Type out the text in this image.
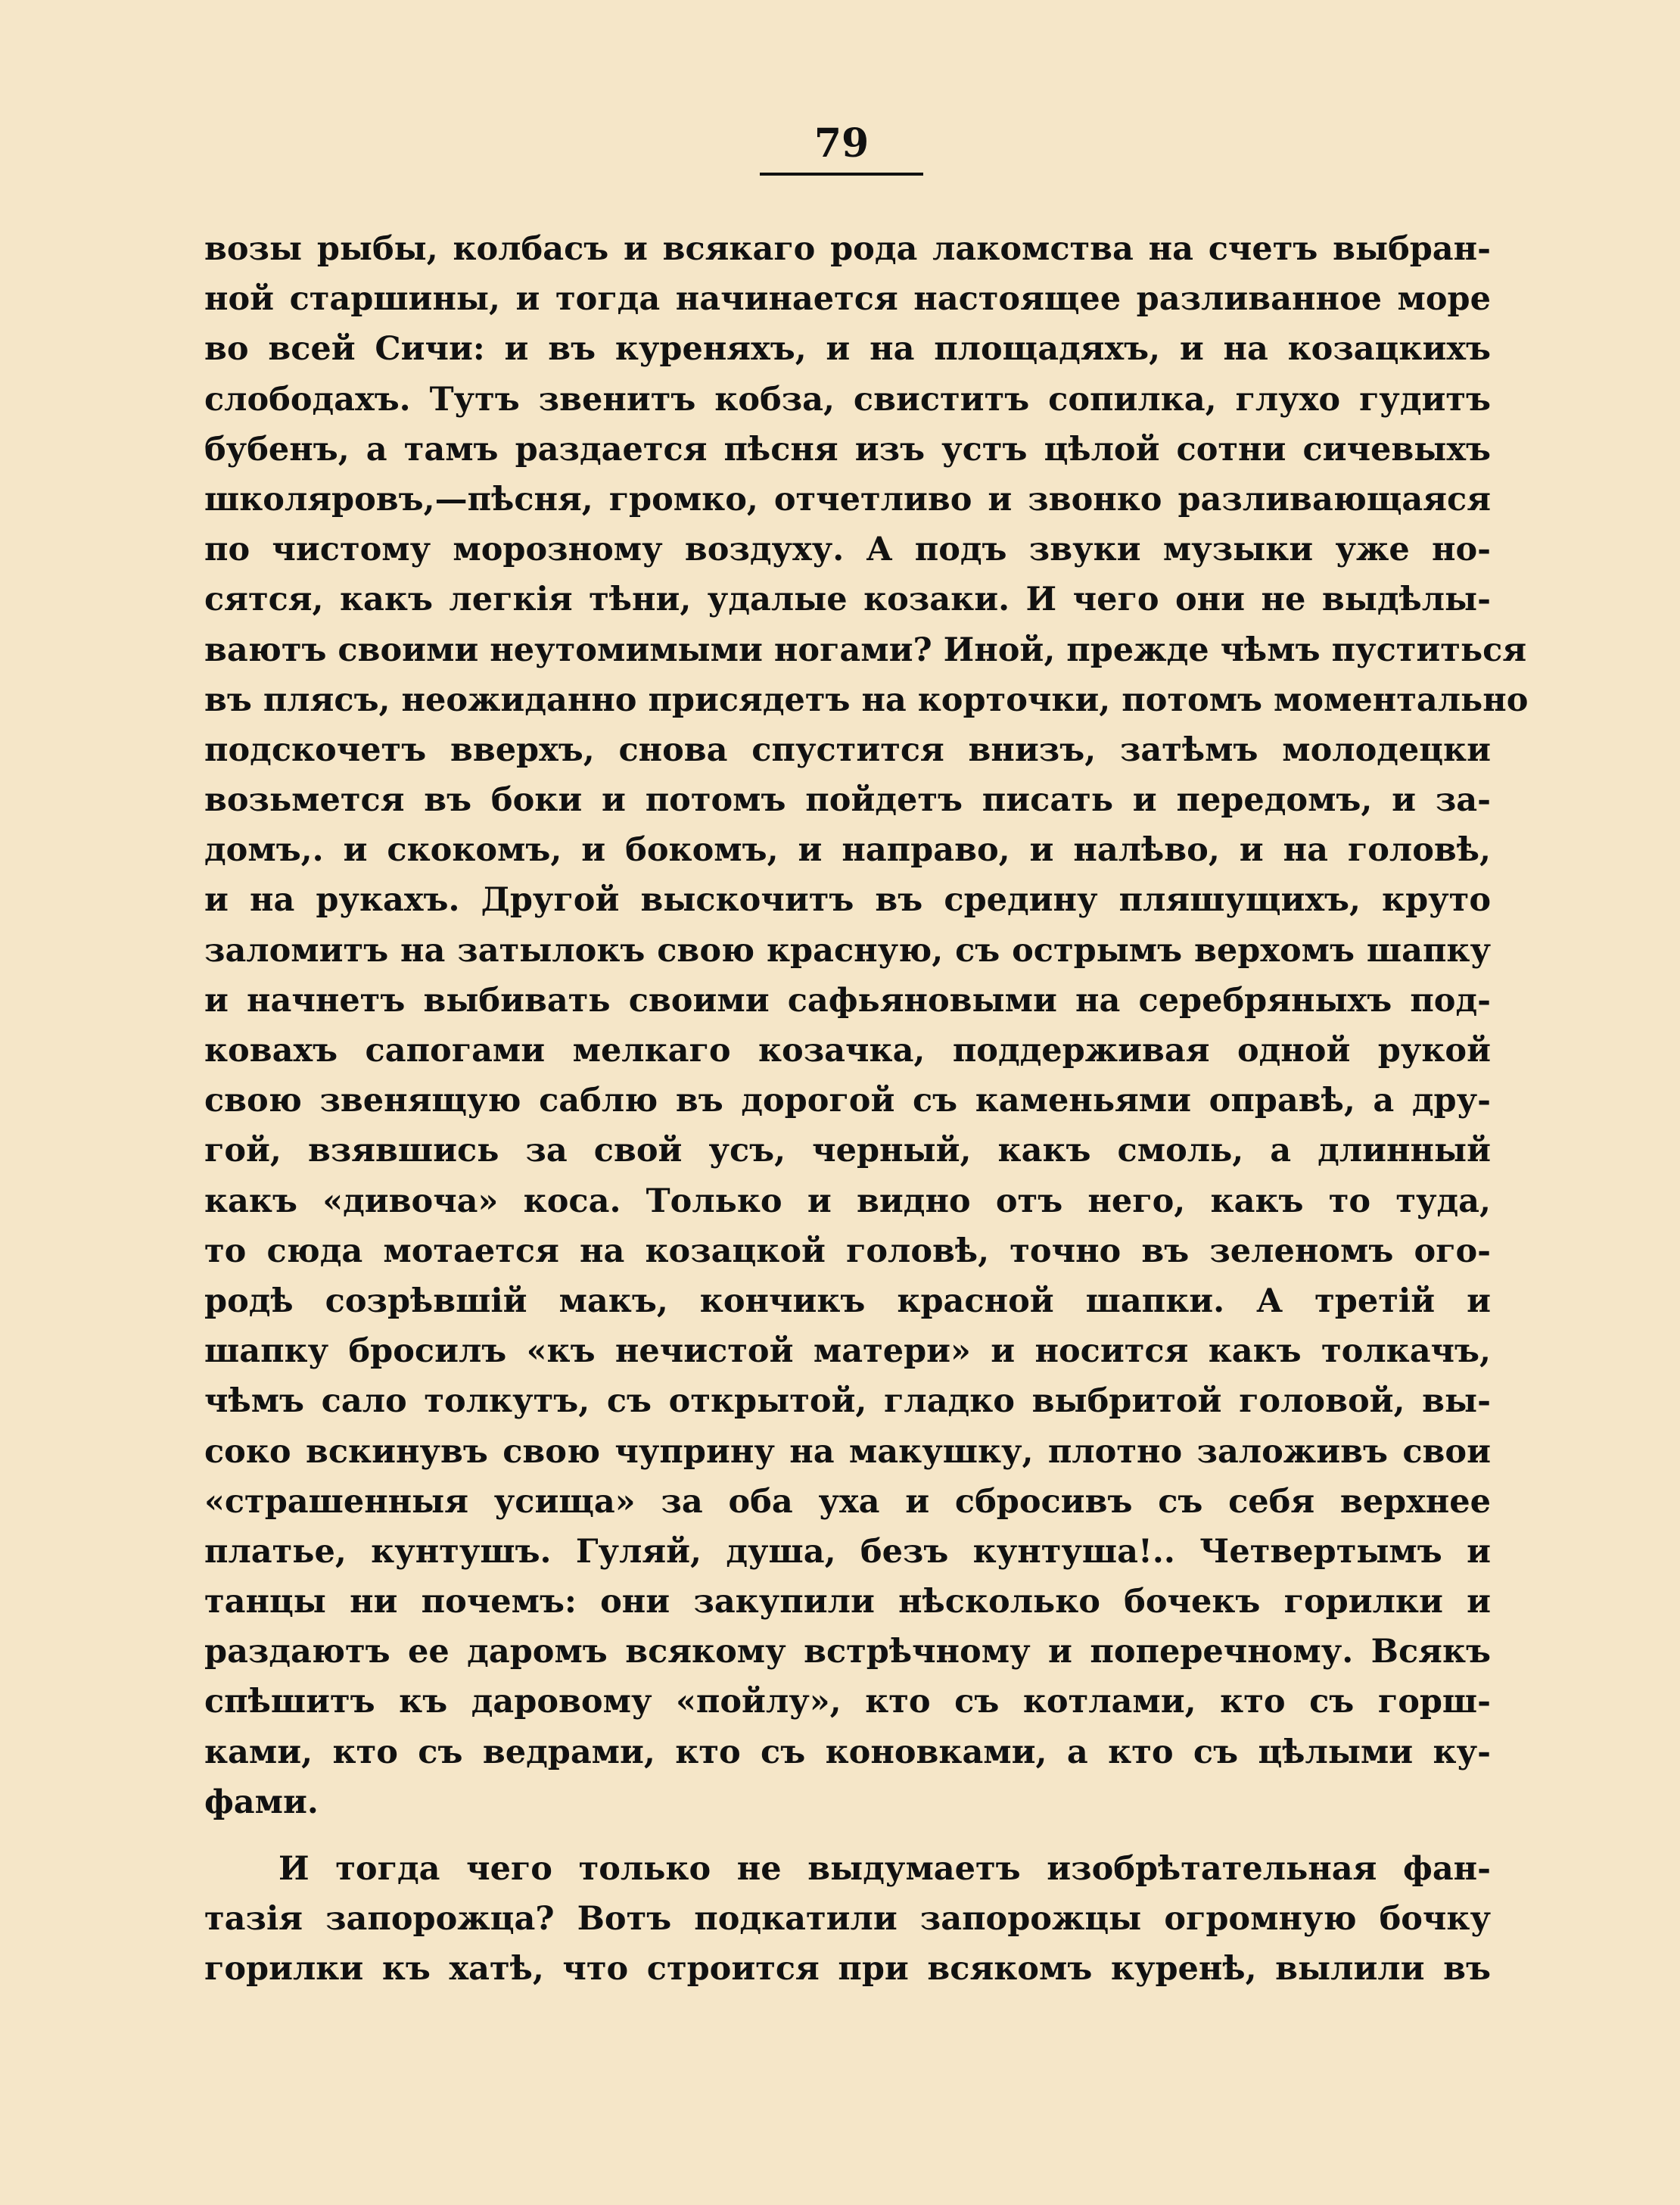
79
возы рыбы, колбасъ и всякаго рода лакомства на счетъ выбран-
ной старшины, и тогда начинается настоящее разливанное море
во всей Сичи: и въ куреняхъ, и на площадяхъ, и на козацкихъ
слободахъ. Тутъ звенитъ кобза, свиститъ сопилка, глухо гудитъ
бубенъ, а тамъ раздается пѣсня изъ устъ цѣлой сотни сичевыхъ
школяровъ,—пѣсня, громко, отчетливо и звонко разливающаяся
по чистому морозному воздуху. А подъ звуки музыки уже но-
сятся, какъ легкія тѣни, удалые козаки. И чего они не выдѣлы-
ваютъ своими неутомимыми ногами? Иной, прежде чѣмъ пуститься
въ плясъ, неожиданно присядетъ на корточки, потомъ моментально
подскочетъ вверхъ, снова спустится внизъ, затѣмъ молодецки
возьмется въ боки и потомъ пойдетъ писать и передомъ, и за-
домъ,. и скокомъ, и бокомъ, и направо, и налѣво, и на головѣ,
и на рукахъ. Другой выскочитъ въ средину пляшущихъ, круто
заломитъ на затылокъ свою красную, съ острымъ верхомъ шапку
и начнетъ выбивать своими сафьяновыми на серебряныхъ под-
ковахъ сапогами мелкаго козачка, поддерживая одной рукой
свою звенящую саблю въ дорогой съ каменьями оправѣ, а дру-
гой, взявшись за свой усъ, черный, какъ смоль, а длинный
какъ «дивоча» коса. Только и видно отъ него, какъ то туда,
то сюда мотается на козацкой головѣ, точно въ зеленомъ ого-
родѣ созрѣвшій макъ, кончикъ красной шапки. А третій и
шапку бросилъ «къ нечистой матери» и носится какъ толкачъ,
чѣмъ сало толкутъ, съ открытой, гладко выбритой головой, вы-
соко вскинувъ свою чуприну на макушку, плотно заложивъ свои
«страшенныя усища» за оба уха и сбросивъ съ себя верхнее
платье, кунтушъ. Гуляй, душа, безъ кунтуша!.. Четвертымъ и
танцы ни почемъ: они закупили нѣсколько бочекъ горилки и
раздаютъ ее даромъ всякому встрѣчному и поперечному. Всякъ
спѣшитъ къ даровому «пойлу», кто съ котлами, кто съ горш-
ками, кто съ ведрами, кто съ коновками, а кто съ цѣлыми ку-
фами.
И тогда чего только не выдумаетъ изобрѣтательная фан-
тазія запорожца? Вотъ подкатили запорожцы огромную бочку
горилки къ хатѣ, что строится при всякомъ куренѣ, вылили въ
